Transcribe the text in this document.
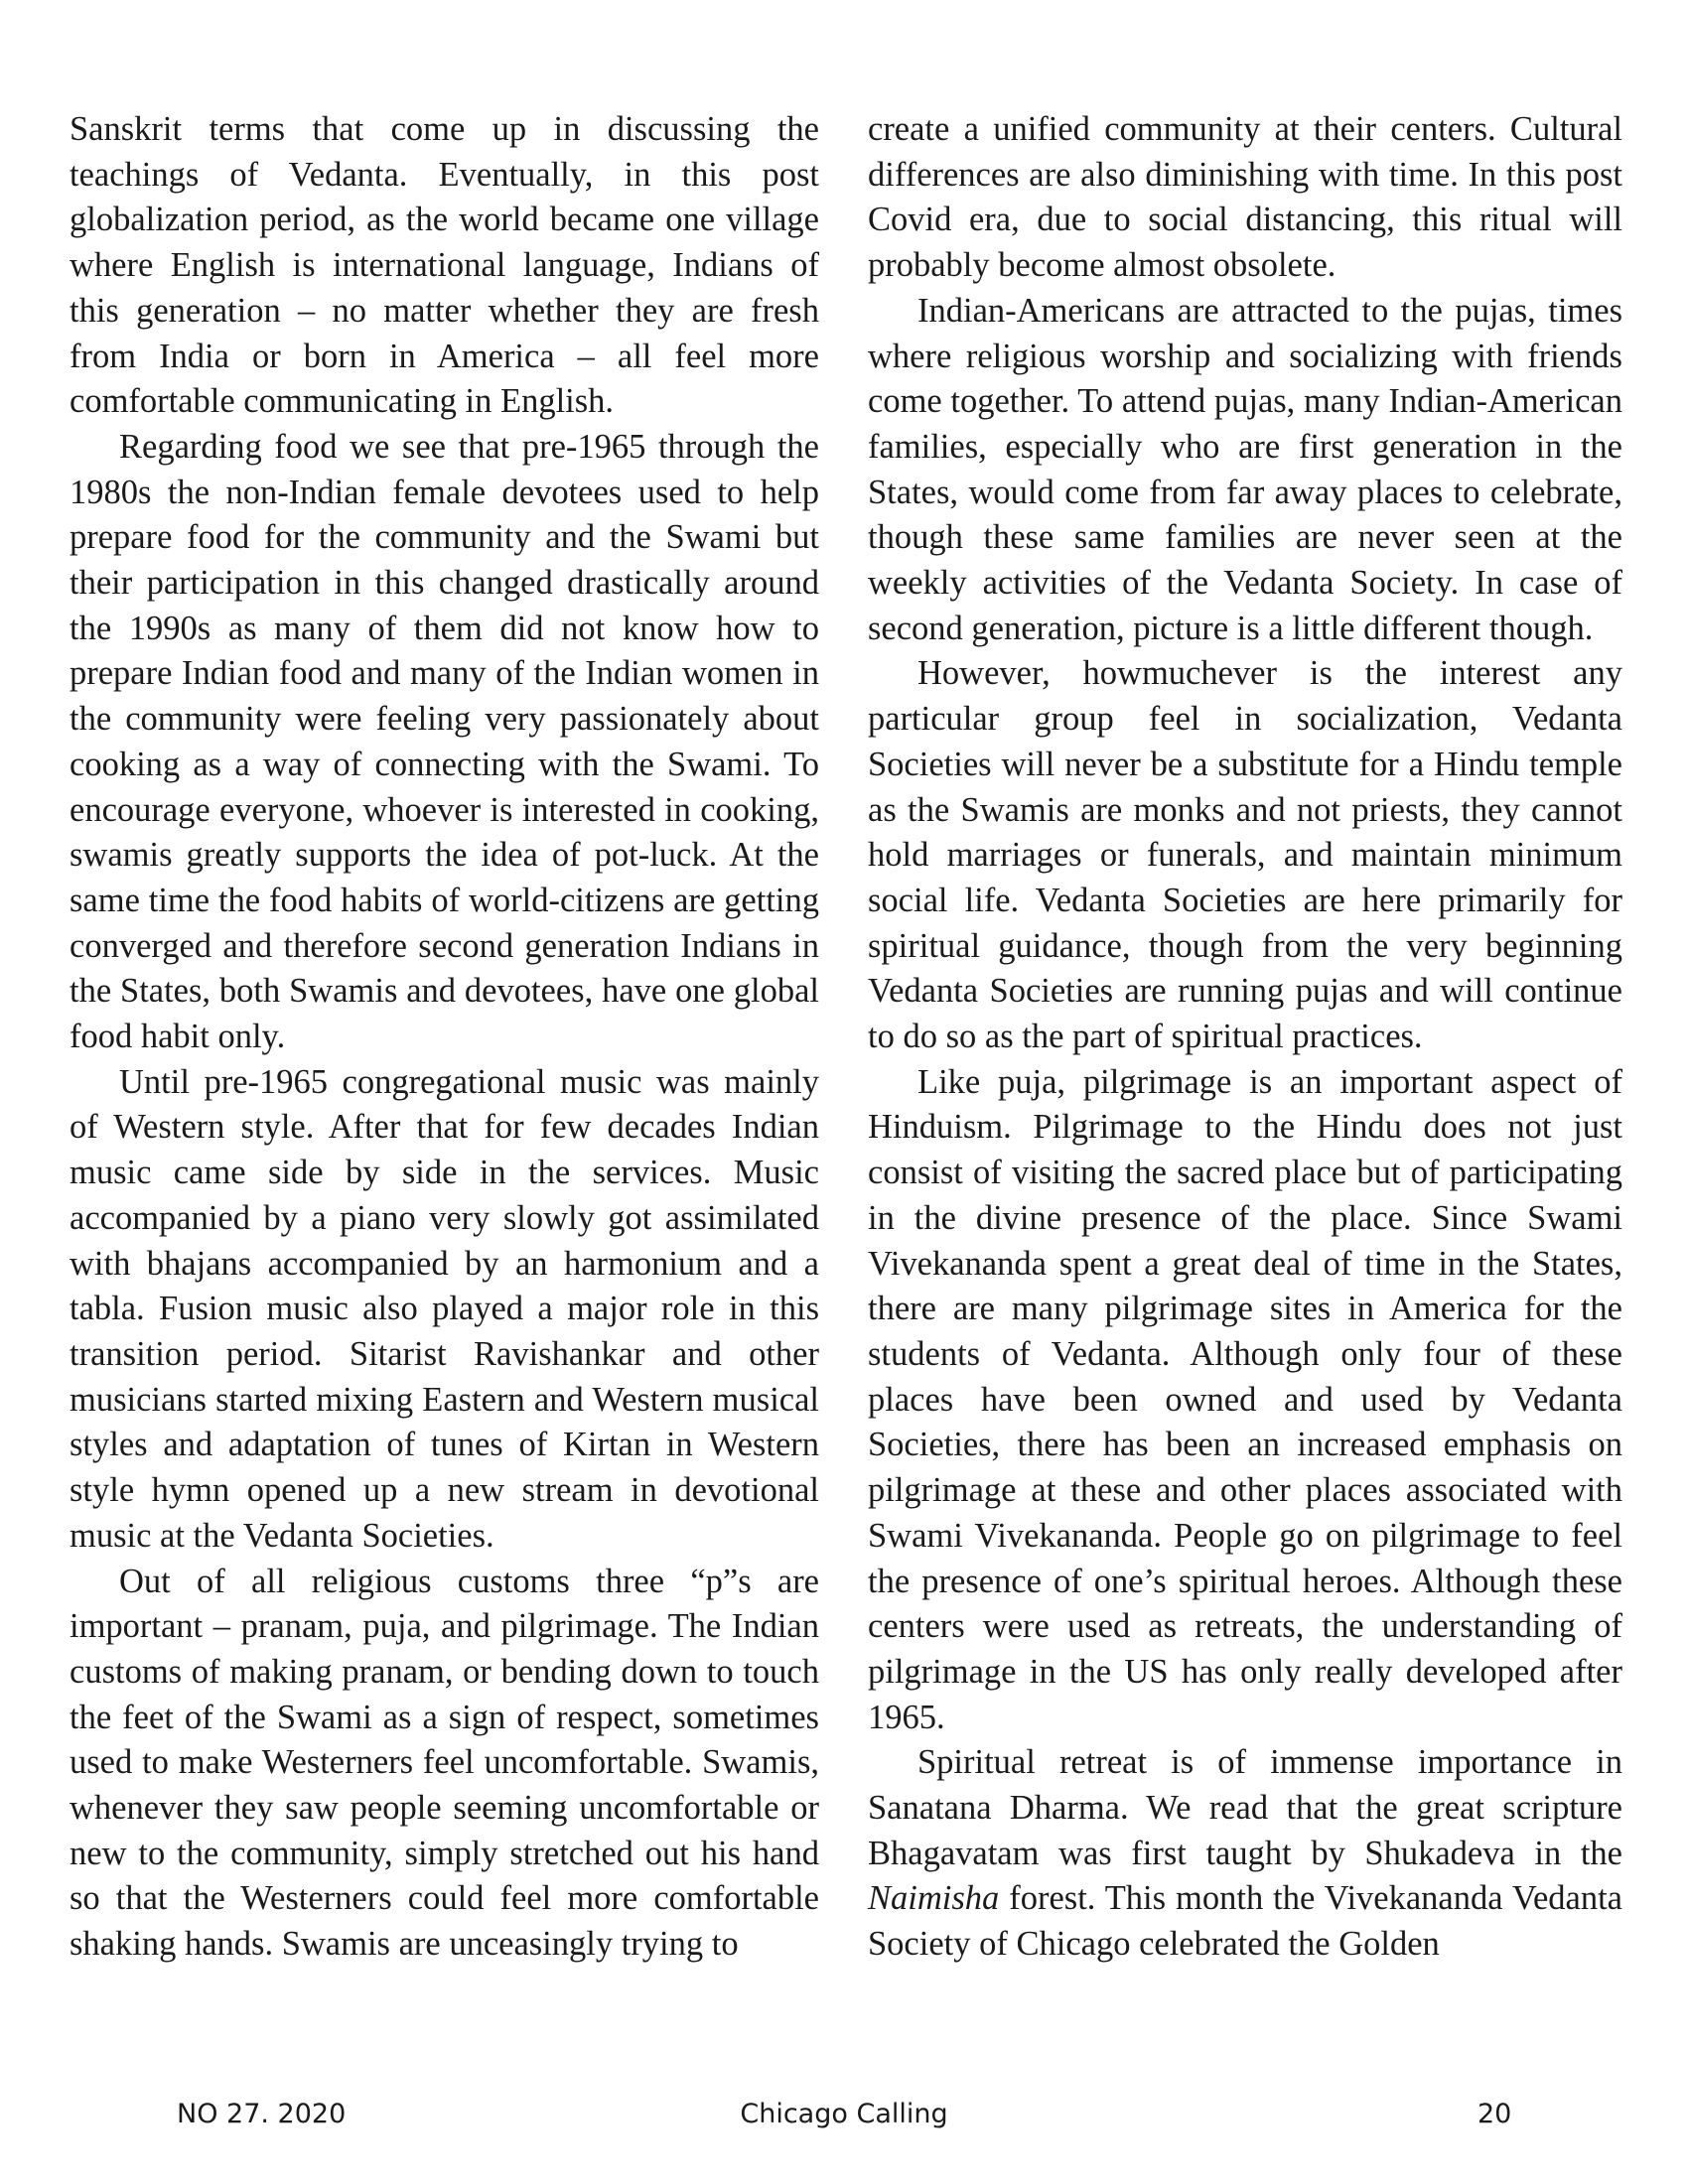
Sanskrit terms that come up in discussing the teachings of Vedanta. Eventually, in this post globalization period, as the world became one village where English is international language, Indians of this generation – no matter whether they are fresh from India or born in America – all feel more comfortable communicating in English.

Regarding food we see that pre-1965 through the 1980s the non-Indian female devotees used to help prepare food for the community and the Swami but their participation in this changed drastically around the 1990s as many of them did not know how to prepare Indian food and many of the Indian women in the community were feeling very passionately about cooking as a way of connecting with the Swami. To encourage everyone, whoever is interested in cooking, swamis greatly supports the idea of pot-luck. At the same time the food habits of world-citizens are getting converged and therefore second generation Indians in the States, both Swamis and devotees, have one global food habit only.

Until pre-1965 congregational music was mainly of Western style. After that for few decades Indian music came side by side in the services. Music accompanied by a piano very slowly got assimilated with bhajans accompanied by an harmonium and a tabla. Fusion music also played a major role in this transition period. Sitarist Ravishankar and other musicians started mixing Eastern and Western musical styles and adaptation of tunes of Kirtan in Western style hymn opened up a new stream in devotional music at the Vedanta Societies.

Out of all religious customs three “p”s are important – pranam, puja, and pilgrimage. The Indian customs of making pranam, or bending down to touch the feet of the Swami as a sign of respect, sometimes used to make Westerners feel uncomfortable. Swamis, whenever they saw people seeming uncomfortable or new to the community, simply stretched out his hand so that the Westerners could feel more comfortable shaking hands. Swamis are unceasingly trying to

create a unified community at their centers. Cultural differences are also diminishing with time. In this post Covid era, due to social distancing, this ritual will probably become almost obsolete.

Indian-Americans are attracted to the pujas, times where religious worship and socializing with friends come together. To attend pujas, many Indian-American families, especially who are first generation in the States, would come from far away places to celebrate, though these same families are never seen at the weekly activities of the Vedanta Society. In case of second generation, picture is a little different though.

However, howmuchever is the interest any particular group feel in socialization, Vedanta Societies will never be a substitute for a Hindu temple as the Swamis are monks and not priests, they cannot hold marriages or funerals, and maintain minimum social life. Vedanta Societies are here primarily for spiritual guidance, though from the very beginning Vedanta Societies are running pujas and will continue to do so as the part of spiritual practices.

Like puja, pilgrimage is an important aspect of Hinduism. Pilgrimage to the Hindu does not just consist of visiting the sacred place but of participating in the divine presence of the place. Since Swami Vivekananda spent a great deal of time in the States, there are many pilgrimage sites in America for the students of Vedanta. Although only four of these places have been owned and used by Vedanta Societies, there has been an increased emphasis on pilgrimage at these and other places associated with Swami Vivekananda. People go on pilgrimage to feel the presence of one’s spiritual heroes. Although these centers were used as retreats, the understanding of pilgrimage in the US has only really developed after 1965.

Spiritual retreat is of immense importance in Sanatana Dharma. We read that the great scripture Bhagavatam was first taught by Shukadeva in the Naimisha forest. This month the Vivekananda Vedanta Society of Chicago celebrated the Golden

NO 27. 2020	Chicago Calling	20
